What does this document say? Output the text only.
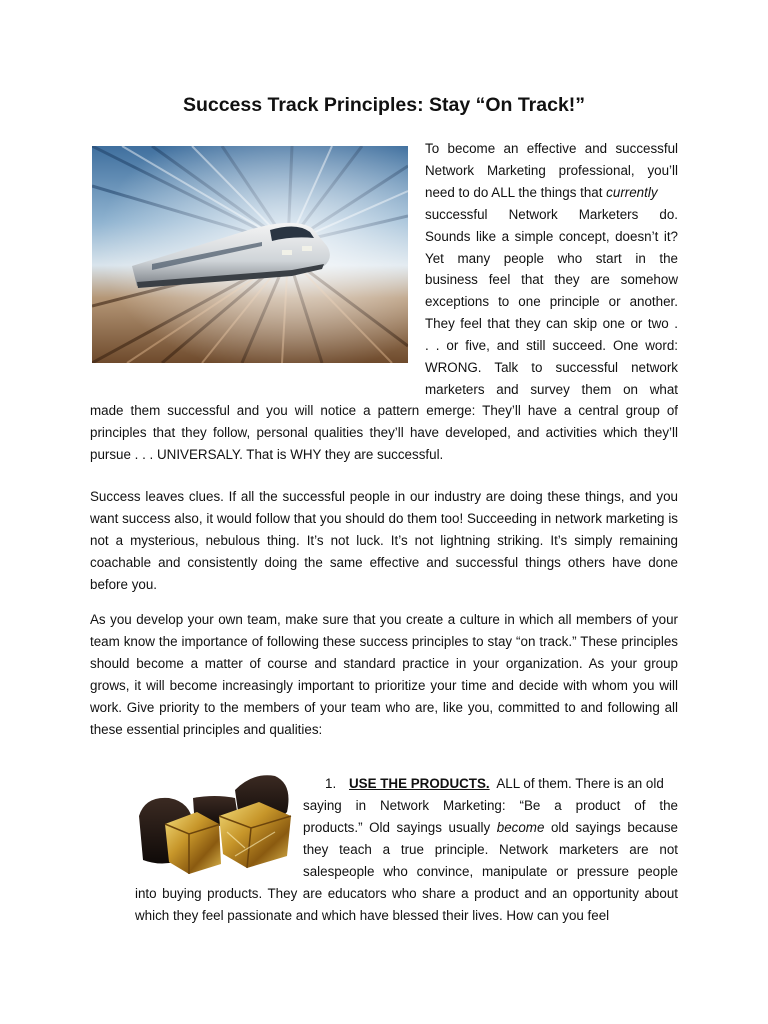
Success Track Principles: Stay “On Track!”

To become an effective and successful

Network Marketing professional, you’ll

need to do ALL the things that currently

successful Network Marketers do.

Sounds like a simple concept, doesn’t it?

Yet many people who start in the

business feel that they are somehow

exceptions to one principle or another.

They feel that they can skip one or two .

. . or five, and still succeed. One word:

WRONG. Talk to successful network

marketers and survey them on what

made them successful and you will notice a pattern emerge: They’ll have a central group of principles that they follow, personal qualities they’ll have developed, and activities which they’ll pursue . . . UNIVERSALY. That is WHY they are successful.

Success leaves clues. If all the successful people in our industry are doing these things, and you want success also, it would follow that you should do them too! Succeeding in network marketing is not a mysterious, nebulous thing. It’s not luck. It’s not lightning striking. It’s simply remaining coachable and consistently doing the same effective and successful things others have done before you.

As you develop your own team, make sure that you create a culture in which all members of your team know the importance of following these success principles to stay “on track.” These principles should become a matter of course and standard practice in your organization. As your group grows, it will become increasingly important to prioritize your time and decide with whom you will work. Give priority to the members of your team who are, like you, committed to and following all these essential principles and qualities:

1. USE THE PRODUCTS.  ALL of them. There is an old

saying in Network Marketing: “Be a product of the

products.” Old sayings usually become old sayings because

they teach a true principle. Network marketers are not

salespeople who convince, manipulate or pressure people

into buying products. They are educators who share a product and an opportunity about which they feel passionate and which have blessed their lives. How can you feel
